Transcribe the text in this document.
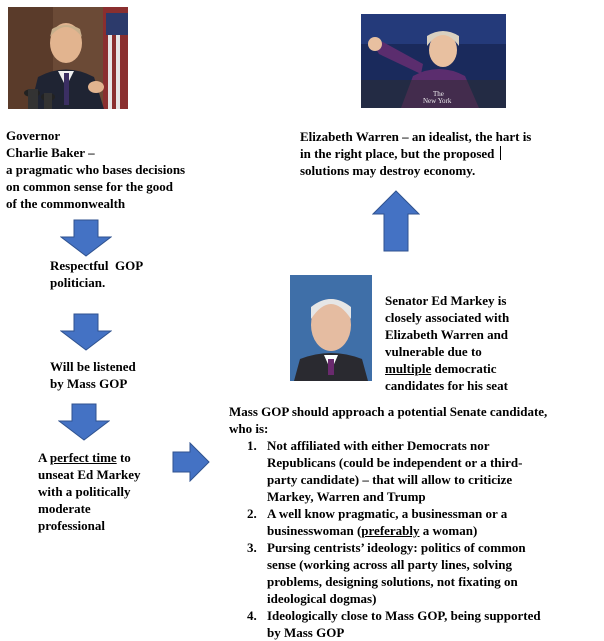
The
New York
Governor
Charlie Baker –
a pragmatic who bases decisions
on common sense for the good
of the commonwealth
Elizabeth Warren – an idealist, the hart is
in the right place, but the proposed
solutions may destroy economy.
Respectful  GOP
politician.
Will be listened
by Mass GOP
A perfect time to
unseat Ed Markey
with a politically
moderate
professional
Senator Ed Markey is
closely associated with
Elizabeth Warren and
vulnerable due to
multiple democratic
candidates for his seat
Mass GOP should approach a potential Senate candidate,
who is:
1. Not affiliated with either Democrats nor
Republicans (could be independent or a third-
party candidate) – that will allow to criticize
Markey, Warren and Trump
2. A well know pragmatic, a businessman or a
businesswoman (preferably a woman)
3. Pursing centrists’ ideology: politics of common
sense (working across all party lines, solving
problems, designing solutions, not fixating on
ideological dogmas)
4. Ideologically close to Mass GOP, being supported
by Mass GOP
